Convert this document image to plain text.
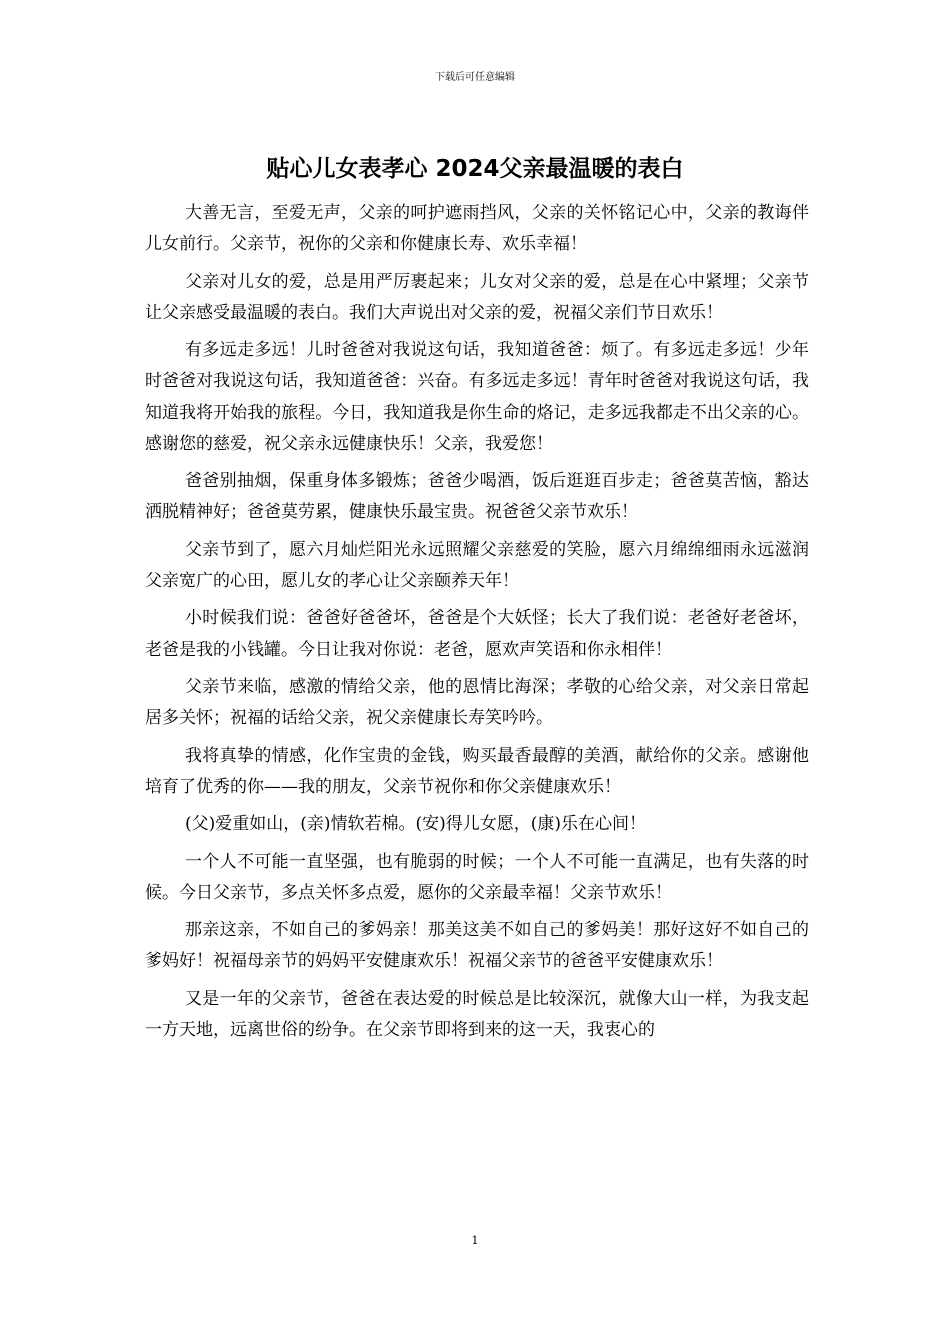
下载后可任意编辑
贴心儿女表孝心 2024父亲最温暖的表白

大善无言，至爱无声，父亲的呵护遮雨挡风，父亲的关怀铭记心中，父亲的教诲伴儿女前行。父亲节，祝你的父亲和你健康长寿、欢乐幸福！

父亲对儿女的爱，总是用严厉裹起来；儿女对父亲的爱，总是在心中紧埋；父亲节让父亲感受最温暖的表白。我们大声说出对父亲的爱，祝福父亲们节日欢乐！

有多远走多远！儿时爸爸对我说这句话，我知道爸爸：烦了。有多远走多远！少年时爸爸对我说这句话，我知道爸爸：兴奋。有多远走多远！青年时爸爸对我说这句话，我知道我将开始我的旅程。今日，我知道我是你生命的烙记，走多远我都走不出父亲的心。感谢您的慈爱，祝父亲永远健康快乐！父亲，我爱您！

爸爸别抽烟，保重身体多锻炼；爸爸少喝酒，饭后逛逛百步走；爸爸莫苦恼，豁达洒脱精神好；爸爸莫劳累，健康快乐最宝贵。祝爸爸父亲节欢乐！

父亲节到了，愿六月灿烂阳光永远照耀父亲慈爱的笑脸，愿六月绵绵细雨永远滋润父亲宽广的心田，愿儿女的孝心让父亲颐养天年！

小时候我们说：爸爸好爸爸坏，爸爸是个大妖怪；长大了我们说：老爸好老爸坏，老爸是我的小钱罐。今日让我对你说：老爸，愿欢声笑语和你永相伴！

父亲节来临，感激的情给父亲，他的恩情比海深；孝敬的心给父亲，对父亲日常起居多关怀；祝福的话给父亲，祝父亲健康长寿笑吟吟。

我将真挚的情感，化作宝贵的金钱，购买最香最醇的美酒，献给你的父亲。感谢他培育了优秀的你——我的朋友，父亲节祝你和你父亲健康欢乐！

(父)爱重如山，(亲)情软若棉。(安)得儿女愿，(康)乐在心间！

一个人不可能一直坚强，也有脆弱的时候；一个人不可能一直满足，也有失落的时候。今日父亲节，多点关怀多点爱，愿你的父亲最幸福！父亲节欢乐！

那亲这亲，不如自己的爹妈亲！那美这美不如自己的爹妈美！那好这好不如自己的爹妈好！祝福母亲节的妈妈平安健康欢乐！祝福父亲节的爸爸平安健康欢乐！

又是一年的父亲节，爸爸在表达爱的时候总是比较深沉，就像大山一样，为我支起一方天地，远离世俗的纷争。在父亲节即将到来的这一天，我衷心的

1
